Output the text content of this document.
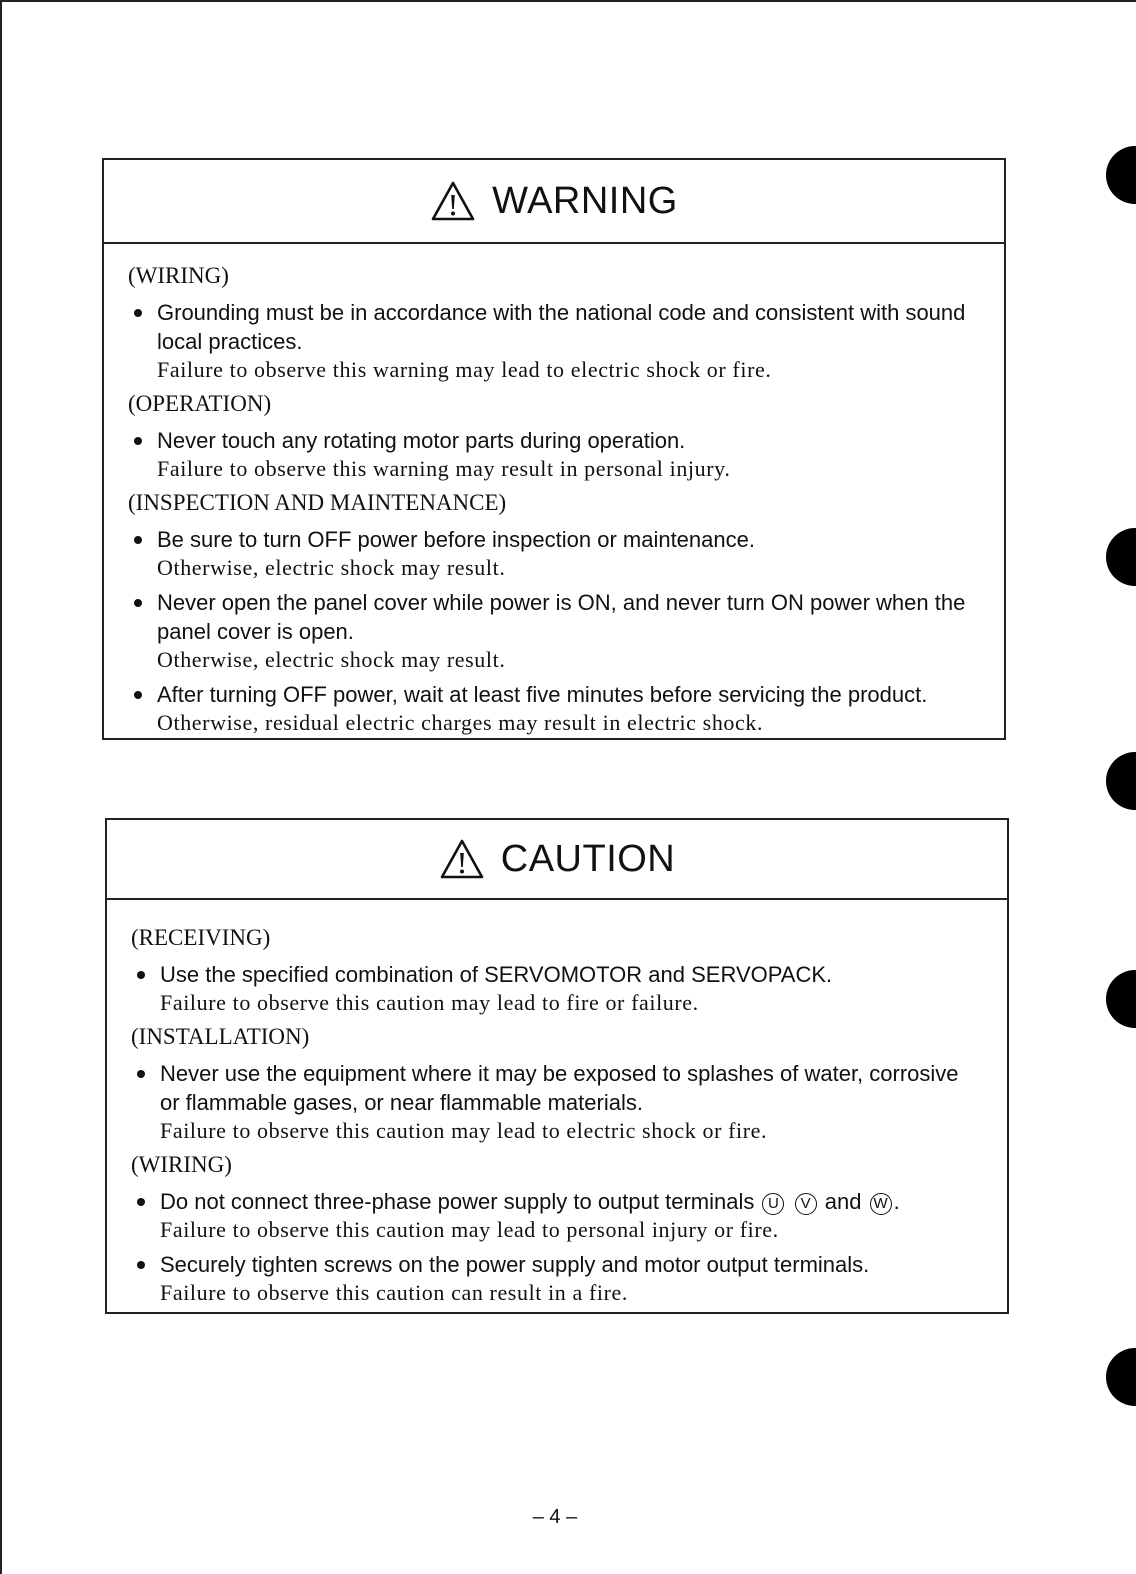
WARNING

(WIRING)

Grounding must be in accordance with the national code and consistent with sound local practices.

Failure to observe this warning may lead to electric shock or fire.

(OPERATION)

Never touch any rotating motor parts during operation.

Failure to observe this warning may result in personal injury.

(INSPECTION AND MAINTENANCE)

Be sure to turn OFF power before inspection or maintenance.

Otherwise, electric shock may result.

Never open the panel cover while power is ON, and never turn ON power when the panel cover is open.

Otherwise, electric shock may result.

After turning OFF power, wait at least five minutes before servicing the product.

Otherwise, residual electric charges may result in electric shock.

CAUTION

(RECEIVING)

Use the specified combination of SERVOMOTOR and SERVOPACK.

Failure to observe this caution may lead to fire or failure.

(INSTALLATION)

Never use the equipment where it may be exposed to splashes of water, corrosive or flammable gases, or near flammable materials.

Failure to observe this caution may lead to electric shock or fire.

(WIRING)

Do not connect three-phase power supply to output terminals U V and W .

Failure to observe this caution may lead to personal injury or fire.

Securely tighten screws on the power supply and motor output terminals.

Failure to observe this caution can result in a fire.

– 4 –
